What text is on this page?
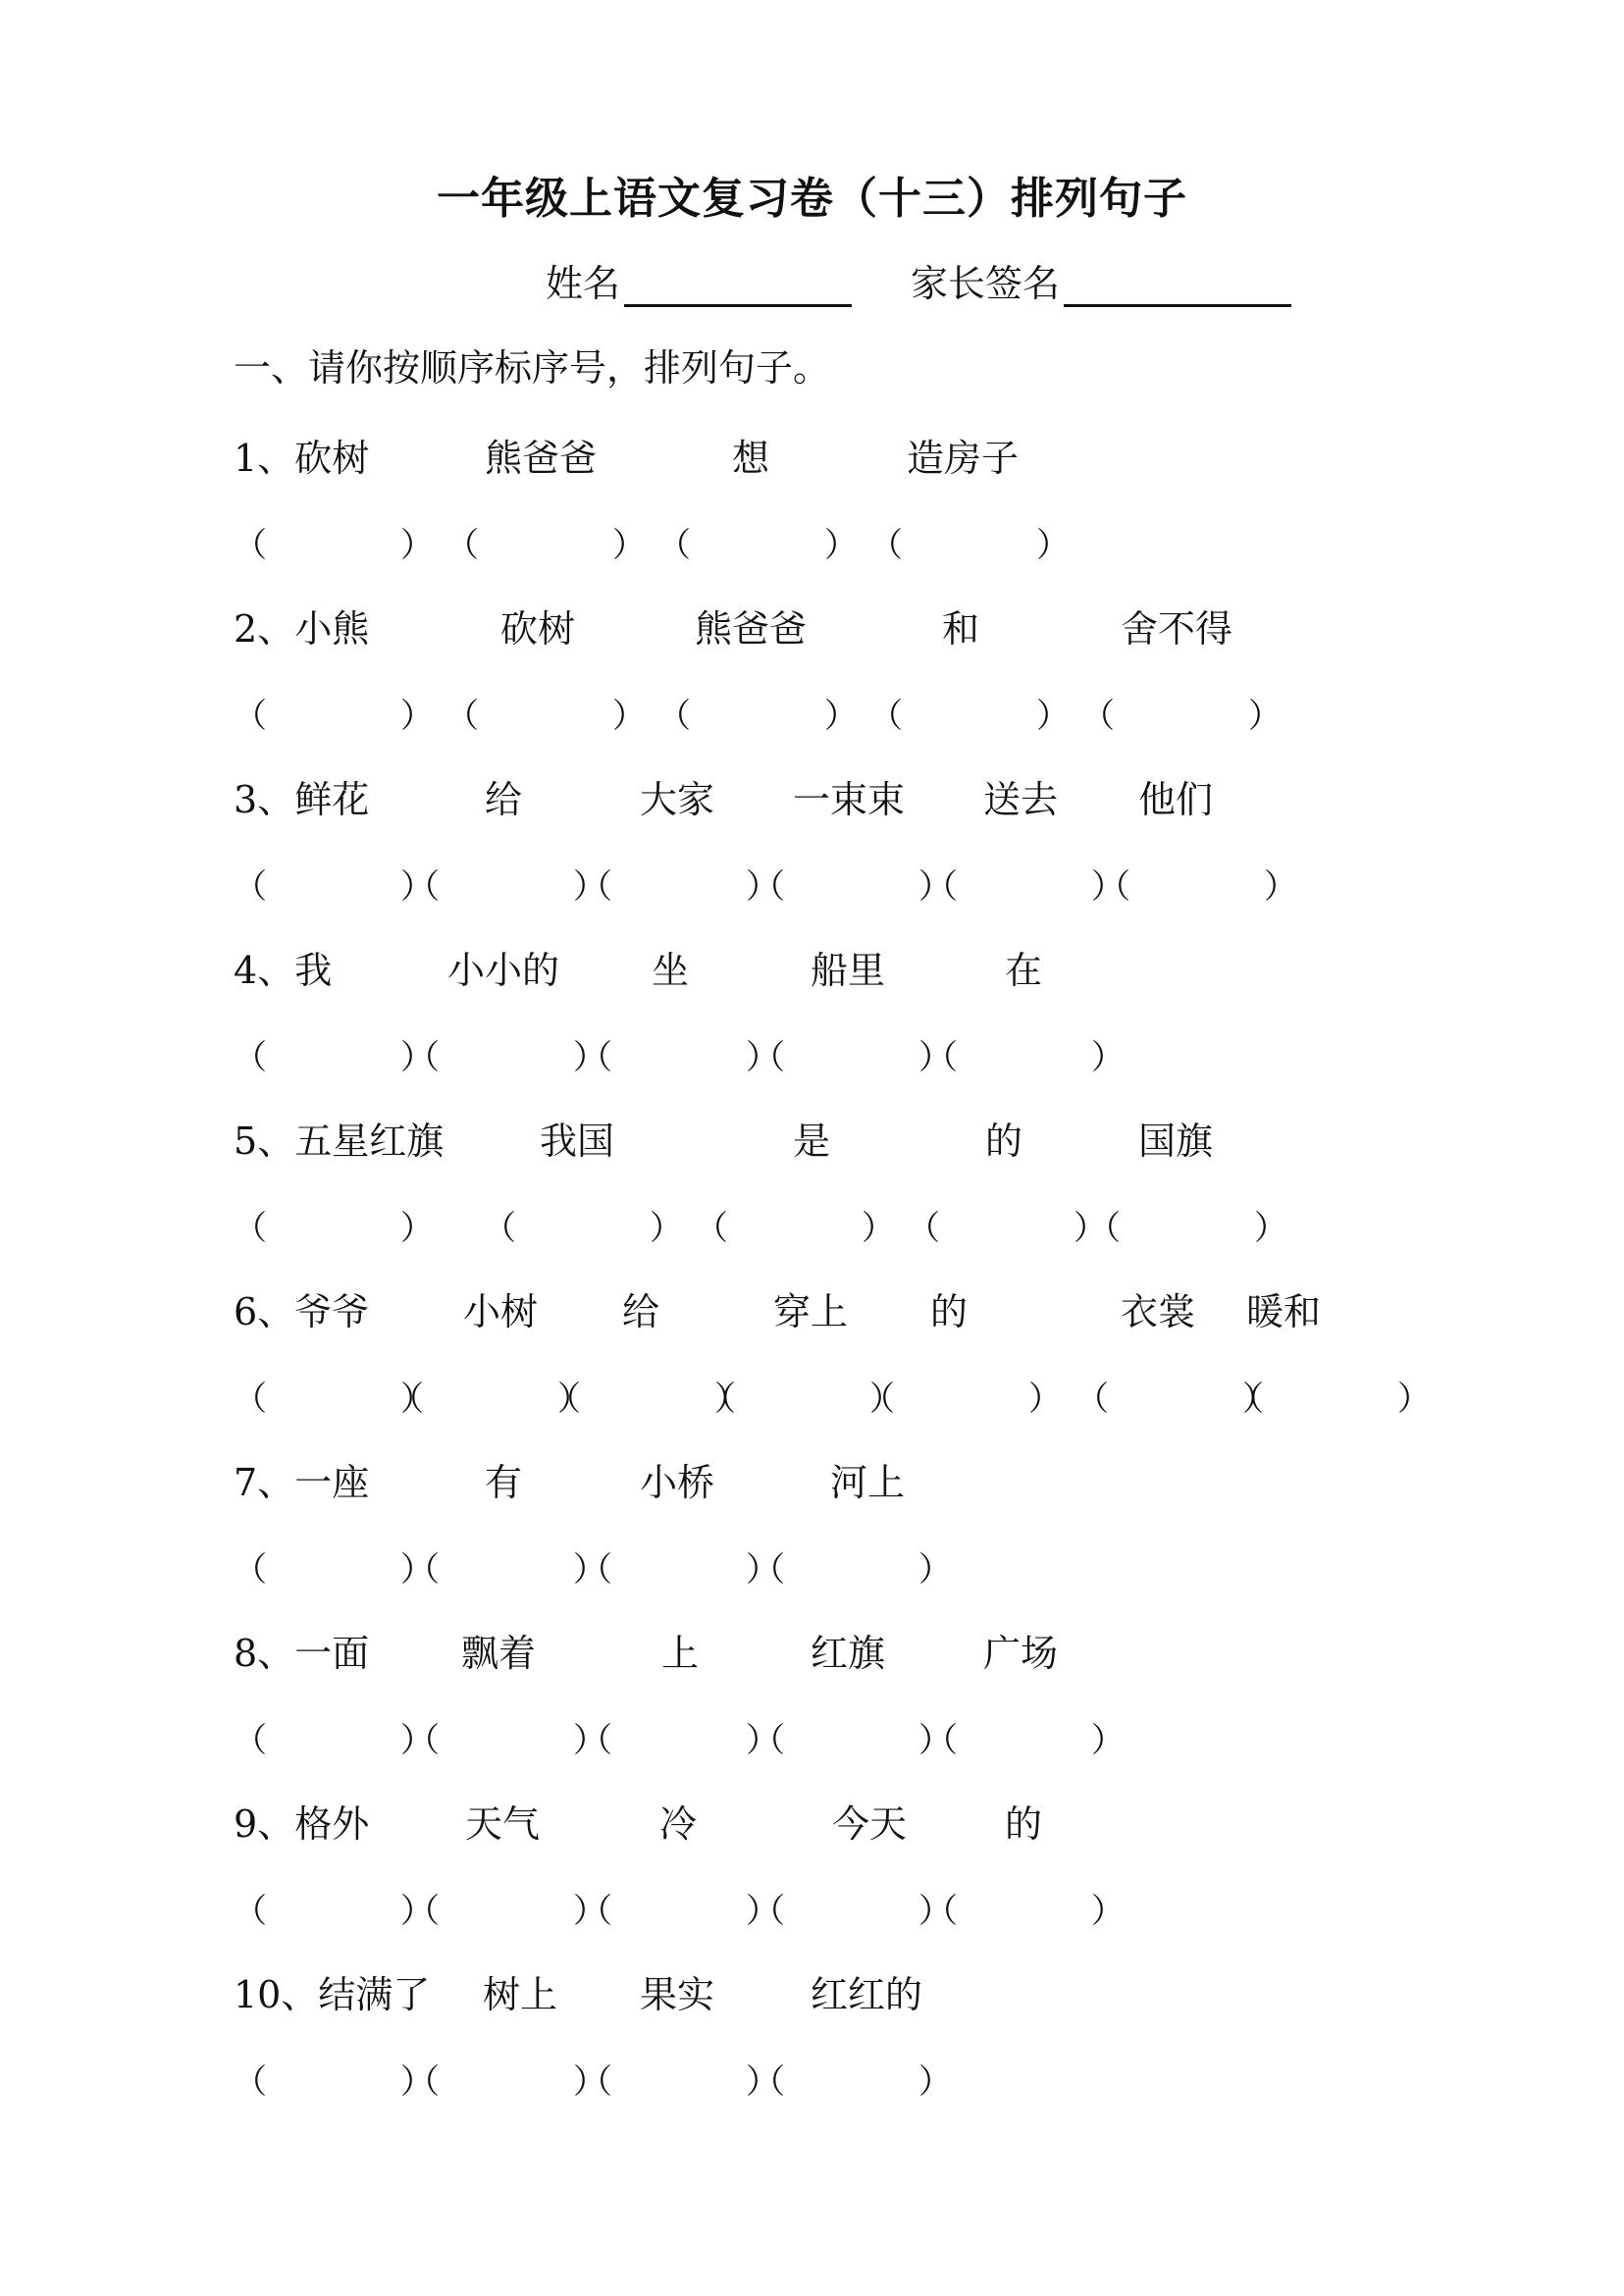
一年级上语文复习卷（十三）排列句子
姓名	家长签名
一、请你按顺序标序号，排列句子。
1、砍树	熊爸爸	想	造房子
（　　　　） （　　　　） （　　　　） （　　　　）
2、小熊	砍树	熊爸爸	和	舍不得
（　　　　） （　　　　） （　　　　） （　　　　） （　　　　）
3、鲜花	给	大家 一束束 送去 他们
（　　　　）
（　　　　）
（　　　　）
（　　　　）
（　　　　）
（　　　　）
4、我	小小的 坐	船里	在
（　　　　）
（　　　　）
（　　　　）
（　　　　）
（　　　　）
5、五星红旗	我国	是	的	国旗
（　　　　） （　　　　） （　　　　） （　　　　）
（　　　　）
6、爷爷	小树 给	穿上 的	衣裳 暖和
（　　　　）
（　　　　）
（　　　　）
（　　　　）
（　　　　） （　　　　）
（　　　　）
7、一座	有	小桥	河上
（　　　　）
（　　　　）
（　　　　）
（　　　　）
8、一面 飘着	上	红旗	广场
（　　　　）
（　　　　）
（　　　　）
（　　　　）
（　　　　）
9、格外	天气	冷	今天	的
（　　　　）
（　　　　）
（　　　　）
（　　　　）
（　　　　）
10、结满了 树上 果实	红红的
（　　　　）
（　　　　）
（　　　　）
（　　　　）
